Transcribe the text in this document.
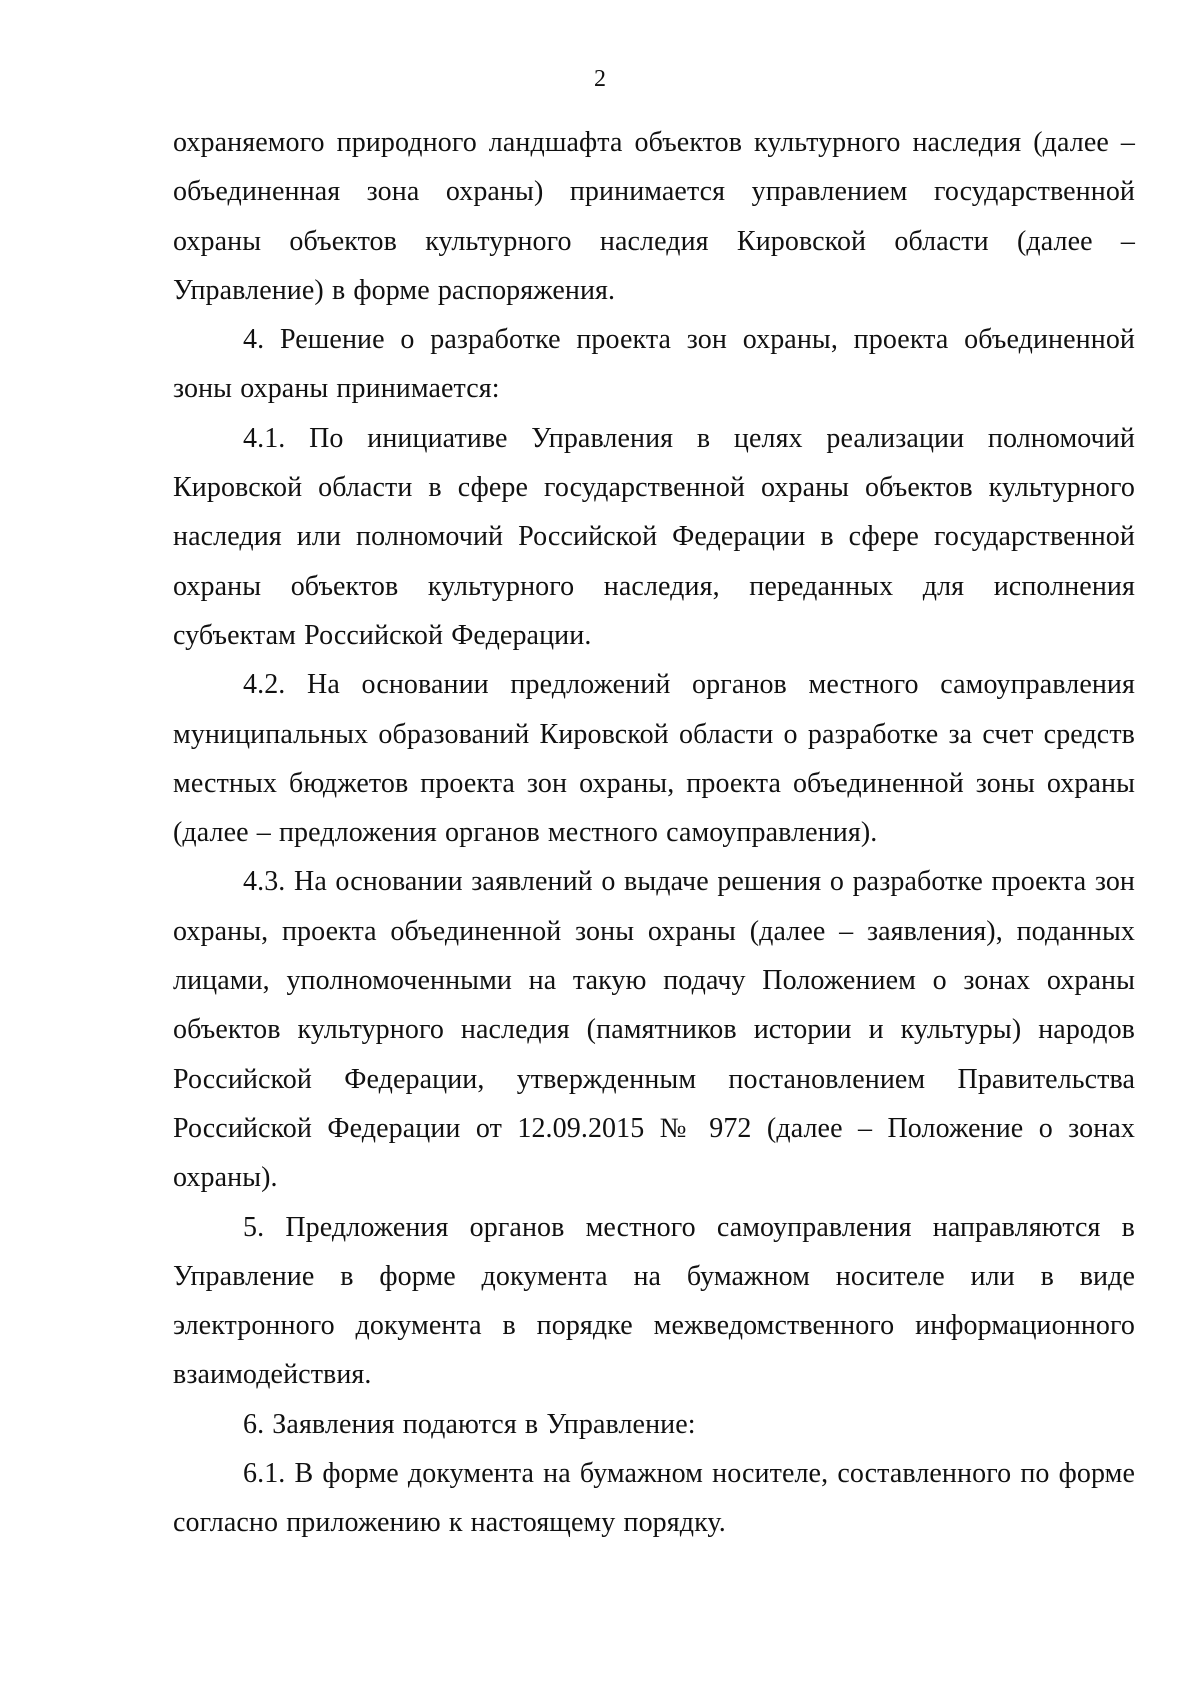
2

охраняемого природного ландшафта объектов культурного наследия (далее – объединенная зона охраны) принимается управлением государственной охраны объектов культурного наследия Кировской области (далее – Управление) в форме распоряжения.

4. Решение о разработке проекта зон охраны, проекта объединенной зоны охраны принимается:

4.1. По инициативе Управления в целях реализации полномочий Кировской области в сфере государственной охраны объектов культурного наследия или полномочий Российской Федерации в сфере государственной охраны объектов культурного наследия, переданных для исполнения субъектам Российской Федерации.

4.2. На основании предложений органов местного самоуправления муниципальных образований Кировской области о разработке за счет средств местных бюджетов проекта зон охраны, проекта объединенной зоны охраны (далее – предложения органов местного самоуправления).

4.3. На основании заявлений о выдаче решения о разработке проекта зон охраны, проекта объединенной зоны охраны (далее – заявления), поданных лицами, уполномоченными на такую подачу Положением о зонах охраны объектов культурного наследия (памятников истории и культуры) народов Российской Федерации, утвержденным постановлением Правительства Российской Федерации от 12.09.2015 № 972 (далее – Положение о зонах охраны).

5. Предложения органов местного самоуправления направляются в Управление в форме документа на бумажном носителе или в виде электронного документа в порядке межведомственного информационного взаимодействия.

6. Заявления подаются в Управление:

6.1. В форме документа на бумажном носителе, составленного по форме согласно приложению к настоящему порядку.
